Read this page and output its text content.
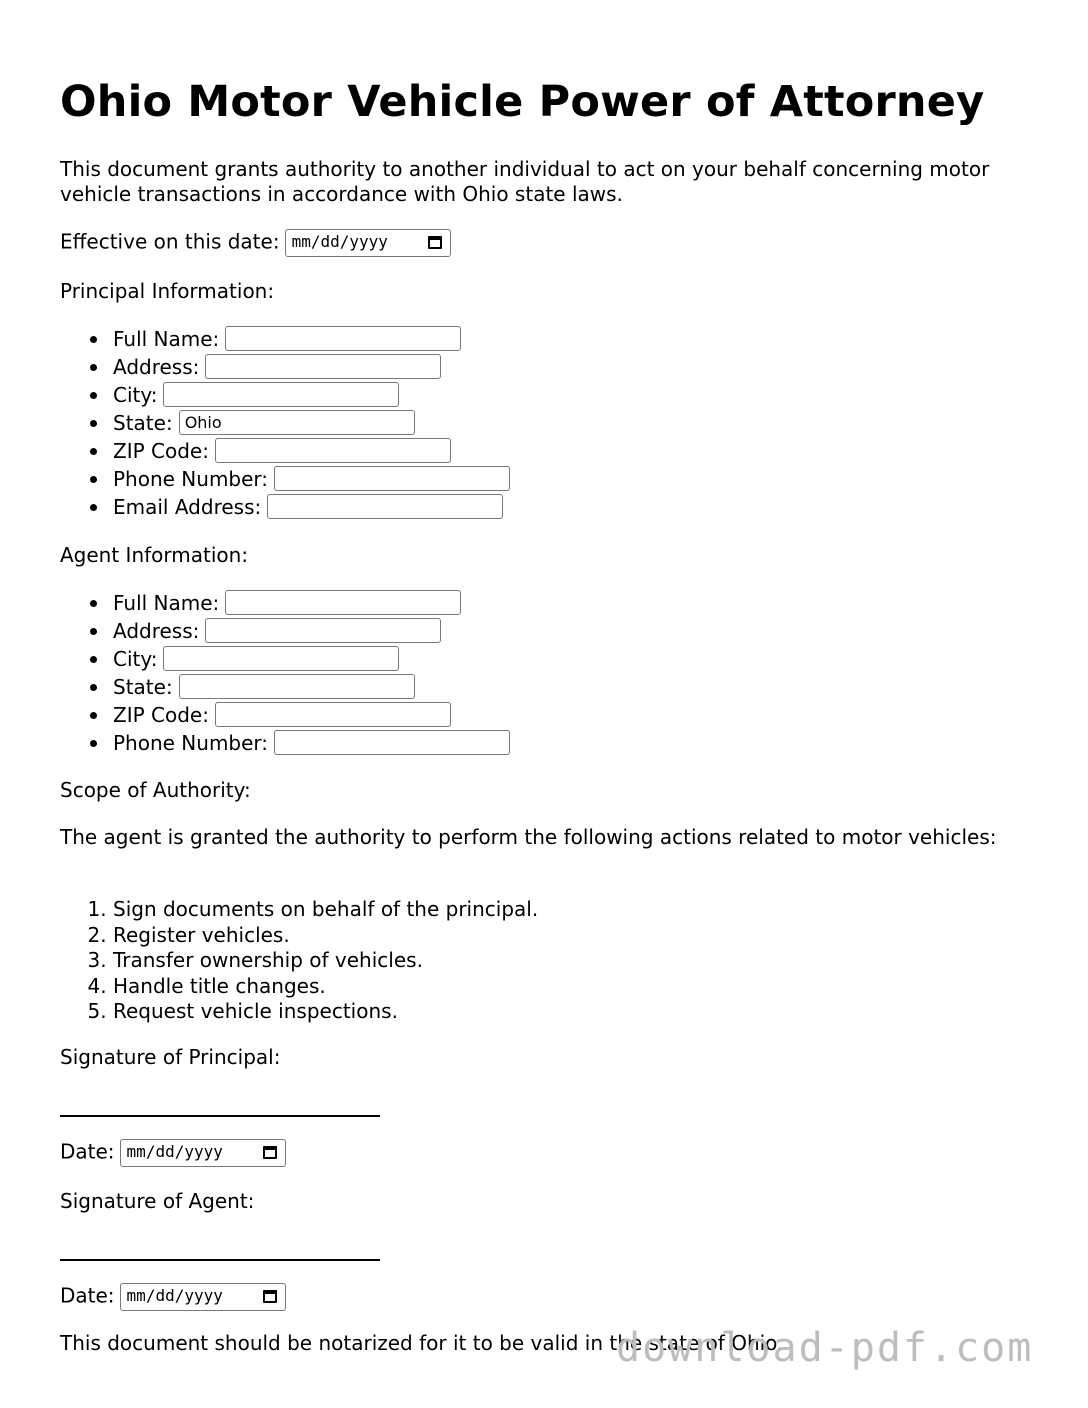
Ohio Motor Vehicle Power of Attorney

This document grants authority to another individual to act on your behalf concerning motor vehicle transactions in accordance with Ohio state laws.

Effective on this date: mm/dd/yyyy

Principal Information:

Full Name:
Address:
City:
State: Ohio
ZIP Code:
Phone Number:
Email Address:

Agent Information:

Full Name:
Address:
City:
State:
ZIP Code:
Phone Number:

Scope of Authority:

The agent is granted the authority to perform the following actions related to motor vehicles:

1. Sign documents on behalf of the principal.
2. Register vehicles.
3. Transfer ownership of vehicles.
4. Handle title changes.
5. Request vehicle inspections.

Signature of Principal:

Date: mm/dd/yyyy

Signature of Agent:

Date: mm/dd/yyyy

This document should be notarized for it to be valid in the state of Ohio.

download-pdf.com
